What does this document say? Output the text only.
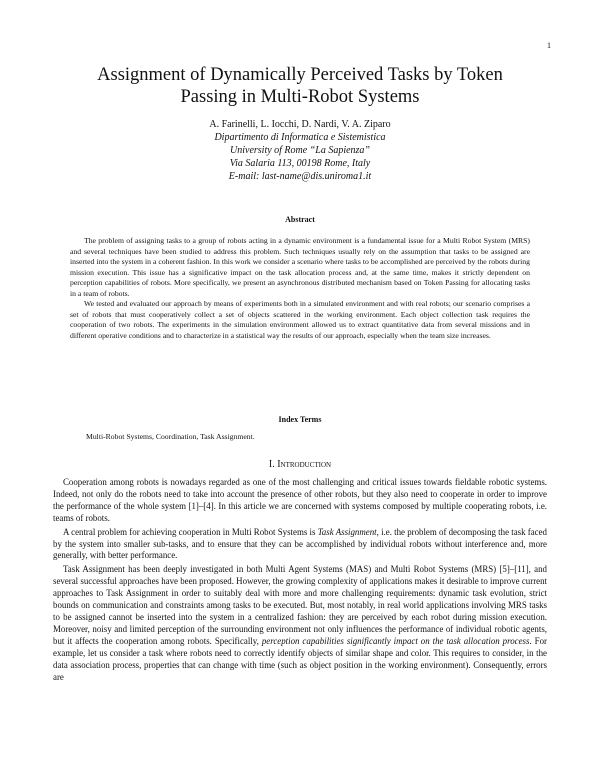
1
Assignment of Dynamically Perceived Tasks by Token
Passing in Multi-Robot Systems
A. Farinelli, L. Iocchi, D. Nardi, V. A. Ziparo
Dipartimento di Informatica e Sistemistica
University of Rome “La Sapienza”
Via Salaria 113, 00198 Rome, Italy
E-mail: last-name@dis.uniroma1.it
Abstract

The problem of assigning tasks to a group of robots acting in a dynamic environment is a fundamental issue for a Multi Robot System (MRS) and several techniques have been studied to address this problem. Such techniques usually rely on the assumption that tasks to be assigned are inserted into the system in a coherent fashion. In this work we consider a scenario where tasks to be accomplished are perceived by the robots during mission execution. This issue has a significative impact on the task allocation process and, at the same time, makes it strictly dependent on perception capabilities of robots. More specifically, we present an asynchronous distributed mechanism based on Token Passing for allocating tasks in a team of robots.

We tested and evaluated our approach by means of experiments both in a simulated environment and with real robots; our scenario comprises a set of robots that must cooperatively collect a set of objects scattered in the working environment. Each object collection task requires the cooperation of two robots. The experiments in the simulation environment allowed us to extract quantitative data from several missions and in different operative conditions and to characterize in a statistical way the results of our approach, especially when the team size increases.

Index Terms
Multi-Robot Systems, Coordination, Task Assignment.
I. Introduction

Cooperation among robots is nowadays regarded as one of the most challenging and critical issues towards fieldable robotic systems. Indeed, not only do the robots need to take into account the presence of other robots, but they also need to cooperate in order to improve the performance of the whole system [1]–[4]. In this article we are concerned with systems composed by multiple cooperating robots, i.e. teams of robots.

A central problem for achieving cooperation in Multi Robot Systems is Task Assignment, i.e. the problem of decomposing the task faced by the system into smaller sub-tasks, and to ensure that they can be accomplished by individual robots without interference and, more generally, with better performance.

Task Assignment has been deeply investigated in both Multi Agent Systems (MAS) and Multi Robot Systems (MRS) [5]–[11], and several successful approaches have been proposed. However, the growing complexity of applications makes it desirable to improve current approaches to Task Assignment in order to suitably deal with more and more challenging requirements: dynamic task evolution, strict bounds on communication and constraints among tasks to be executed. But, most notably, in real world applications involving MRS tasks to be assigned cannot be inserted into the system in a centralized fashion: they are perceived by each robot during mission execution. Moreover, noisy and limited perception of the surrounding environment not only influences the performance of individual robotic agents, but it affects the cooperation among robots. Specifically, perception capabilities significantly impact on the task allocation process. For example, let us consider a task where robots need to correctly identify objects of similar shape and color. This requires to consider, in the data association process, properties that can change with time (such as object position in the working environment). Consequently, errors are
